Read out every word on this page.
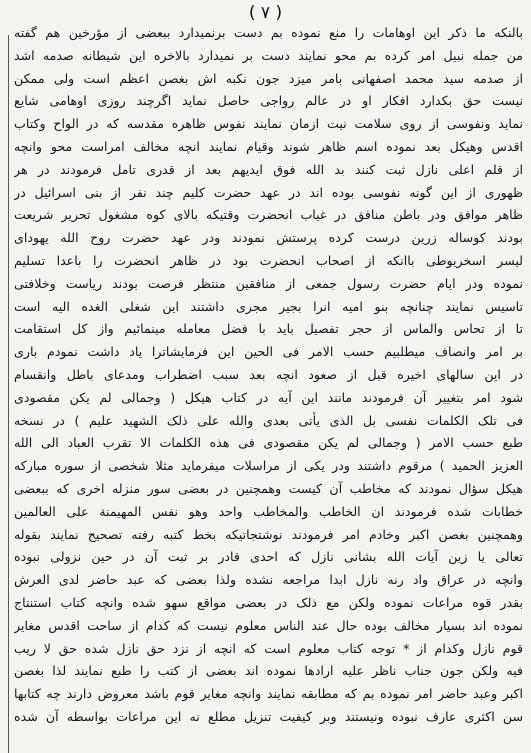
( ٧ )
بالنکه ما ذکر این اوهامات را منع نموده بم دست برنمیدارد ببعضی از مؤرخین هم گفته
من جمله نبیل امر کرده بم محو نمایند دست بر نمیدارد بالاخره این شیطانه صدمه اشد
از صدمه سید محمد اصفهانی بامر میزد جون نکبه اش بغصن اعظم است ولی ممکن
نیست حق بکدارد افکار او در عالم رواجی حاصل نماید اگرچند روزی اوهامی شایع
نماید ونفوسی از روی سلامت نیت ازمان نمایند نفوس ظاهره مقدسه که در الواح وکتاب
اقدس وهیکل بعد نموده اسم ظاهر شوند وقیام نمایند انچه مخالف امراست محو وانچه
از قلم اعلی نازل ثبت کنند بد الله فوق ایدیهم بعد از قدری تامل فرمودند در هر
ظهوری از این گونه نفوسی بوده اند در عهد حضرت کلیم چند نفر از بنی اسرائیل در
ظاهر موافق ودر باطن منافق در غیاب انحضرت وقتیکه بالای کوه مشغول تحریر شریعت
بودند کوساله زرین درست کرده پرستش نمودند ودر عهد حضرت روح الله یهودای
لیسر اسخریوطی باانکه از اصحاب انحضرت بود در ظاهر انحضرت را باعدا تسلیم
نموده ودر ایام حضرت رسول جمعی از منافقین منتظر فرصت بودند ریاست وخلافتی
تاسیس نمایند چنانچه بنو امیه انرا بجیر مجری داشتند این شغلی الغده الیه است
تا از تحاس والماس از حجر تفصیل باید با فضل معامله مینمائیم واز کل استقامت
بر امر وانصاف میطلبیم حسب الامر فی الحین این فرمایشاترا یاد داشت نمودم باری
در این سالهای اخیره قبل از صعود انچه بعد سبب اضطراب ومدعای باطل وانقسام
شود امر بتغییر آن فرمودند مانند این آیه در کتاب هیکل ( وجمالی لم یکن مقصودی
فی تلک الکلمات نفسی بل الذی یأتی بعدی والله علی ذلک الشهید علیم ) در نسخه
طبع حسب الامر ( وجمالی لم یکن مقصودی فی هذه الکلمات الا تقرب العباد الی الله
العزیز الحمید ) مرقوم داشتند ودر یکی از مراسلات میفرماید مثلا شخصی از سوره مبارکه
هیکل سؤال نمودند که مخاطب آن کیست وهمچنین در بعضی سور منزله اخری که ببعضی
خطابات شده فرمودند ان الخاطب والمخاطب واحد وهو نفس المهیمنة علی العالمین
وهمچنین بغصن اکبر وخادم امر فرمودند نوشتجاتیکه بخط کتبه رفته تصحیح نمایند بقوله
تعالی یا زین آیات الله بشانی نازل که احدی قادر بر ثبت آن در حین نزولی نبوده
وانچه در عراق واد رنه نازل ابدا مراجعه نشده ولذا بعضی که عبد حاضر لدی العرش
بقدر قوه مراعات نموده ولکن مع ذلک در بعضی مواقع سهو شده وانچه کتاب استنتاج
نموده اند بسیار مخالف بوده حال عند الناس معلوم نیست که کدام از ساحت اقدس مغایر
قوم نازل وکدام از * توجه کتاب معلوم است که انچه از نزد حق نازل شده حق لا ریب
فیه ولکن جون جناب ناظر علیه ارادها نموده اند بعضی از کتب را طبع نمایند لذا بغصن
اکبر وعبد حاضر امر نموده بم که مطابقه نمایند وانچه مغایر قوم باشد معروض دارند چه کتابها
سن اکثری عارف نبوده ونیستند وبر کیفیت تنزیل مطلع نه این مراعات بواسطه آن شده
